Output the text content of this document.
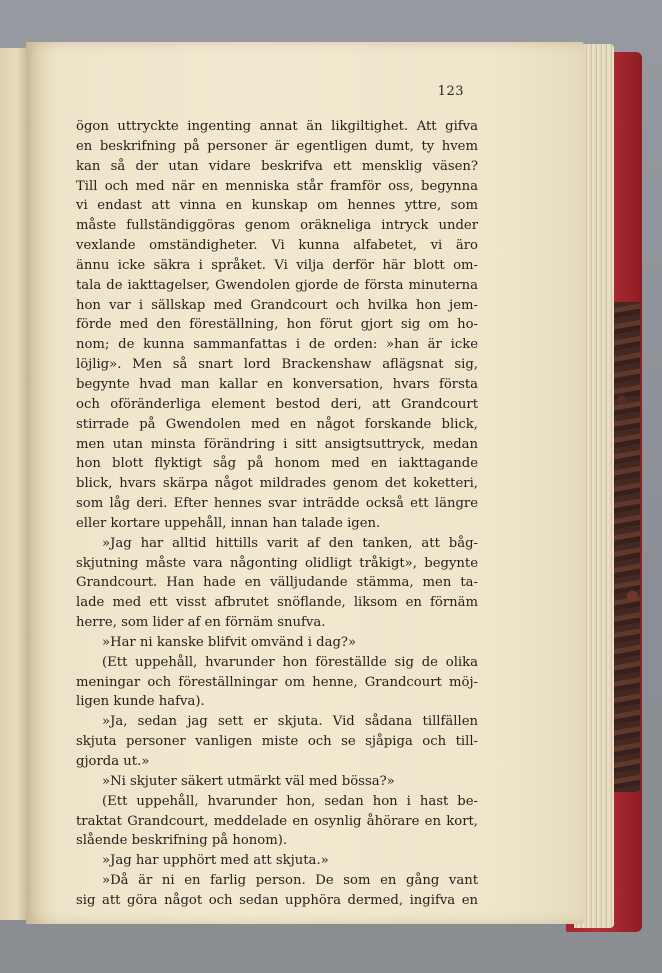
123
ögon uttryckte ingenting annat än likgiltighet. Att gifva
en beskrifning på personer är egentligen dumt, ty hvem
kan så der utan vidare beskrifva ett mensklig väsen?
Till och med när en menniska står framför oss, begynna
vi endast att vinna en kunskap om hennes yttre, som
måste fullständiggöras genom oräkneliga intryck under
vexlande omständigheter. Vi kunna alfabetet, vi äro
ännu icke säkra i språket. Vi vilja derför här blott om-
tala de iakttagelser, Gwendolen gjorde de första minuterna
hon var i sällskap med Grandcourt och hvilka hon jem-
förde med den föreställning, hon förut gjort sig om ho-
nom; de kunna sammanfattas i de orden: »han är icke
löjlig». Men så snart lord Brackenshaw aflägsnat sig,
begynte hvad man kallar en konversation, hvars första
och oföränderliga element bestod deri, att Grandcourt
stirrade på Gwendolen med en något forskande blick,
men utan minsta förändring i sitt ansigtsuttryck, medan
hon blott flyktigt såg på honom med en iakttagande
blick, hvars skärpa något mildrades genom det koketteri,
som låg deri. Efter hennes svar inträdde också ett längre
eller kortare uppehåll, innan han talade igen.
»Jag har alltid hittills varit af den tanken, att båg-
skjutning måste vara någonting olidligt tråkigt», begynte
Grandcourt. Han hade en välljudande stämma, men ta-
lade med ett visst afbrutet snöflande, liksom en förnäm
herre, som lider af en förnäm snufva.
»Har ni kanske blifvit omvänd i dag?»
(Ett uppehåll, hvarunder hon föreställde sig de olika
meningar och föreställningar om henne, Grandcourt möj-
ligen kunde hafva).
»Ja, sedan jag sett er skjuta. Vid sådana tillfällen
skjuta personer vanligen miste och se sjåpiga och till-
gjorda ut.»
»Ni skjuter säkert utmärkt väl med bössa?»
(Ett uppehåll, hvarunder hon, sedan hon i hast be-
traktat Grandcourt, meddelade en osynlig åhörare en kort,
slående beskrifning på honom).
»Jag har upphört med att skjuta.»
»Då är ni en farlig person. De som en gång vant
sig att göra något och sedan upphöra dermed, ingifva en
